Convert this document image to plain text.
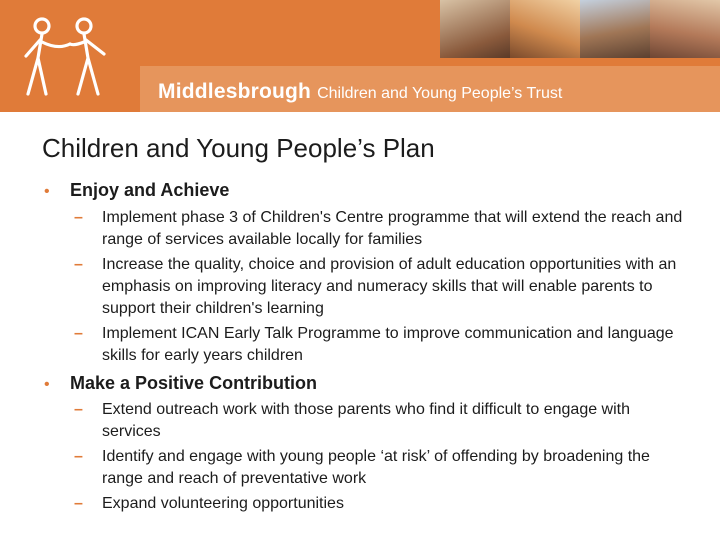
Middlesbrough Children and Young People’s Trust
Children and Young People’s Plan
•	Enjoy and Achieve
–	Implement phase 3 of Children's Centre programme that will extend the reach and range of services available locally for families
–	Increase the quality, choice and provision of adult education opportunities with an emphasis on improving literacy and numeracy skills that will enable parents to support their children's learning
–	Implement ICAN Early Talk Programme to improve communication and language skills for early years children
•	Make a Positive Contribution
–	Extend outreach work with those parents who find it difficult to engage with services
–	Identify and engage with young people ‘at risk’ of offending by broadening the range and reach of preventative work
–	Expand volunteering opportunities
